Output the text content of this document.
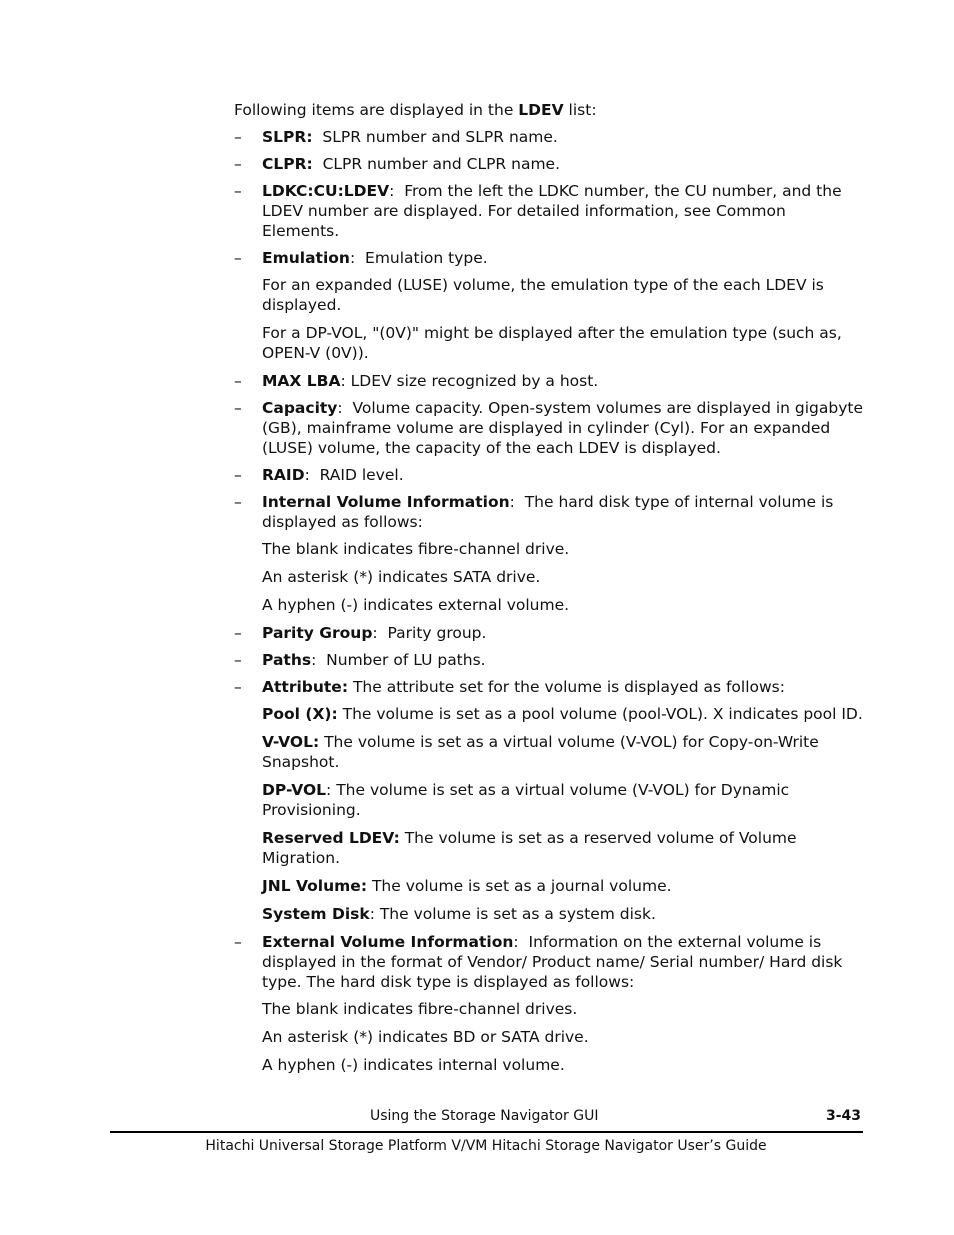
Following items are displayed in the LDEV list:
– SLPR:  SLPR number and SLPR name.
– CLPR:  CLPR number and CLPR name.
– LDKC:CU:LDEV:  From the left the LDKC number, the CU number, and the LDEV number are displayed. For detailed information, see Common Elements.
– Emulation:  Emulation type.
For an expanded (LUSE) volume, the emulation type of the each LDEV is displayed.
For a DP-VOL, "(0V)" might be displayed after the emulation type (such as, OPEN-V (0V)).
– MAX LBA: LDEV size recognized by a host.
– Capacity:  Volume capacity. Open-system volumes are displayed in gigabyte (GB), mainframe volume are displayed in cylinder (Cyl). For an expanded (LUSE) volume, the capacity of the each LDEV is displayed.
– RAID:  RAID level.
– Internal Volume Information:  The hard disk type of internal volume is displayed as follows:
The blank indicates fibre-channel drive.
An asterisk (*) indicates SATA drive.
A hyphen (-) indicates external volume.
– Parity Group:  Parity group.
– Paths:  Number of LU paths.
– Attribute: The attribute set for the volume is displayed as follows:
Pool (X): The volume is set as a pool volume (pool-VOL). X indicates pool ID.
V-VOL: The volume is set as a virtual volume (V-VOL) for Copy-on-Write Snapshot.
DP-VOL: The volume is set as a virtual volume (V-VOL) for Dynamic Provisioning.
Reserved LDEV: The volume is set as a reserved volume of Volume Migration.
JNL Volume: The volume is set as a journal volume.
System Disk: The volume is set as a system disk.
– External Volume Information:  Information on the external volume is displayed in the format of Vendor/ Product name/ Serial number/ Hard disk type. The hard disk type is displayed as follows:
The blank indicates fibre-channel drives.
An asterisk (*) indicates BD or SATA drive.
A hyphen (-) indicates internal volume.
Using the Storage Navigator GUI	3-43
Hitachi Universal Storage Platform V/VM Hitachi Storage Navigator User’s Guide
